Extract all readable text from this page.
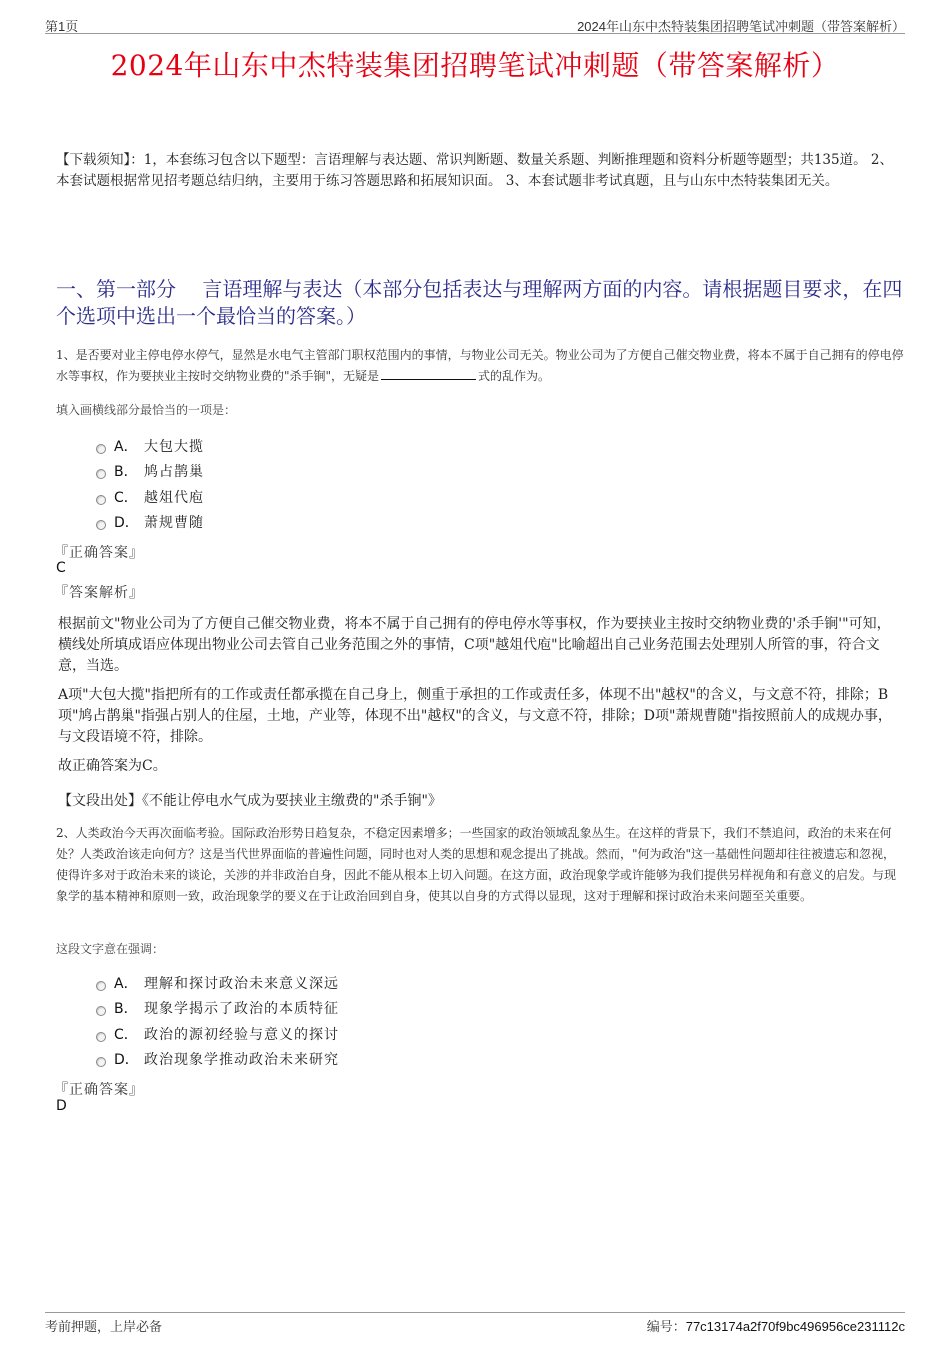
第1页	2024年山东中杰特装集团招聘笔试冲刺题（带答案解析）
2024年山东中杰特装集团招聘笔试冲刺题（带答案解析）
【下载须知】：1，本套练习包含以下题型：言语理解与表达题、常识判断题、数量关系题、判断推理题和资料分析题等题型；共135道。 2、本套试题根据常见招考题总结归纳，主要用于练习答题思路和拓展知识面。 3、本套试题非考试真题，且与山东中杰特装集团无关。
一、第一部分　 言语理解与表达（本部分包括表达与理解两方面的内容。请根据题目要求，在四个选项中选出一个最恰当的答案。）
1、是否要对业主停电停水停气，显然是水电气主管部门职权范围内的事情，与物业公司无关。物业公司为了方便自己催交物业费，将本不属于自己拥有的停电停水等事权，作为要挟业主按时交纳物业费的"杀手锏"，无疑是	式的乱作为。
填入画横线部分最恰当的一项是：
A． 大包大揽
B． 鸠占鹊巢
C． 越俎代庖
D． 萧规曹随
『正确答案』
C
『答案解析』
根据前文"物业公司为了方便自己催交物业费，将本不属于自己拥有的停电停水等事权，作为要挟业主按时交纳物业费的'杀手锏'"可知，横线处所填成语应体现出物业公司去管自己业务范围之外的事情，C项"越俎代庖"比喻超出自己业务范围去处理别人所管的事，符合文意，当选。
A项"大包大揽"指把所有的工作或责任都承揽在自己身上，侧重于承担的工作或责任多，体现不出"越权"的含义，与文意不符，排除；B项"鸠占鹊巢"指强占别人的住屋，土地，产业等，体现不出"越权"的含义，与文意不符，排除；D项"萧规曹随"指按照前人的成规办事，与文段语境不符，排除。
故正确答案为C。
【文段出处】《不能让停电水气成为要挟业主缴费的"杀手锏"》
2、人类政治今天再次面临考验。国际政治形势日趋复杂，不稳定因素增多；一些国家的政治领域乱象丛生。在这样的背景下，我们不禁追问，政治的未来在何处？人类政治该走向何方？这是当代世界面临的普遍性问题，同时也对人类的思想和观念提出了挑战。然而，"何为政治"这一基础性问题却往往被遗忘和忽视，使得许多对于政治未来的谈论，关涉的并非政治自身，因此不能从根本上切入问题。在这方面，政治现象学或许能够为我们提供另样视角和有意义的启发。与现象学的基本精神和原则一致，政治现象学的要义在于让政治回到自身，使其以自身的方式得以显现，这对于理解和探讨政治未来问题至关重要。
这段文字意在强调：
A． 理解和探讨政治未来意义深远
B． 现象学揭示了政治的本质特征
C． 政治的源初经验与意义的探讨
D． 政治现象学推动政治未来研究
『正确答案』
D
考前押题，上岸必备	编号：77c13174a2f70f9bc496956ce231112c
